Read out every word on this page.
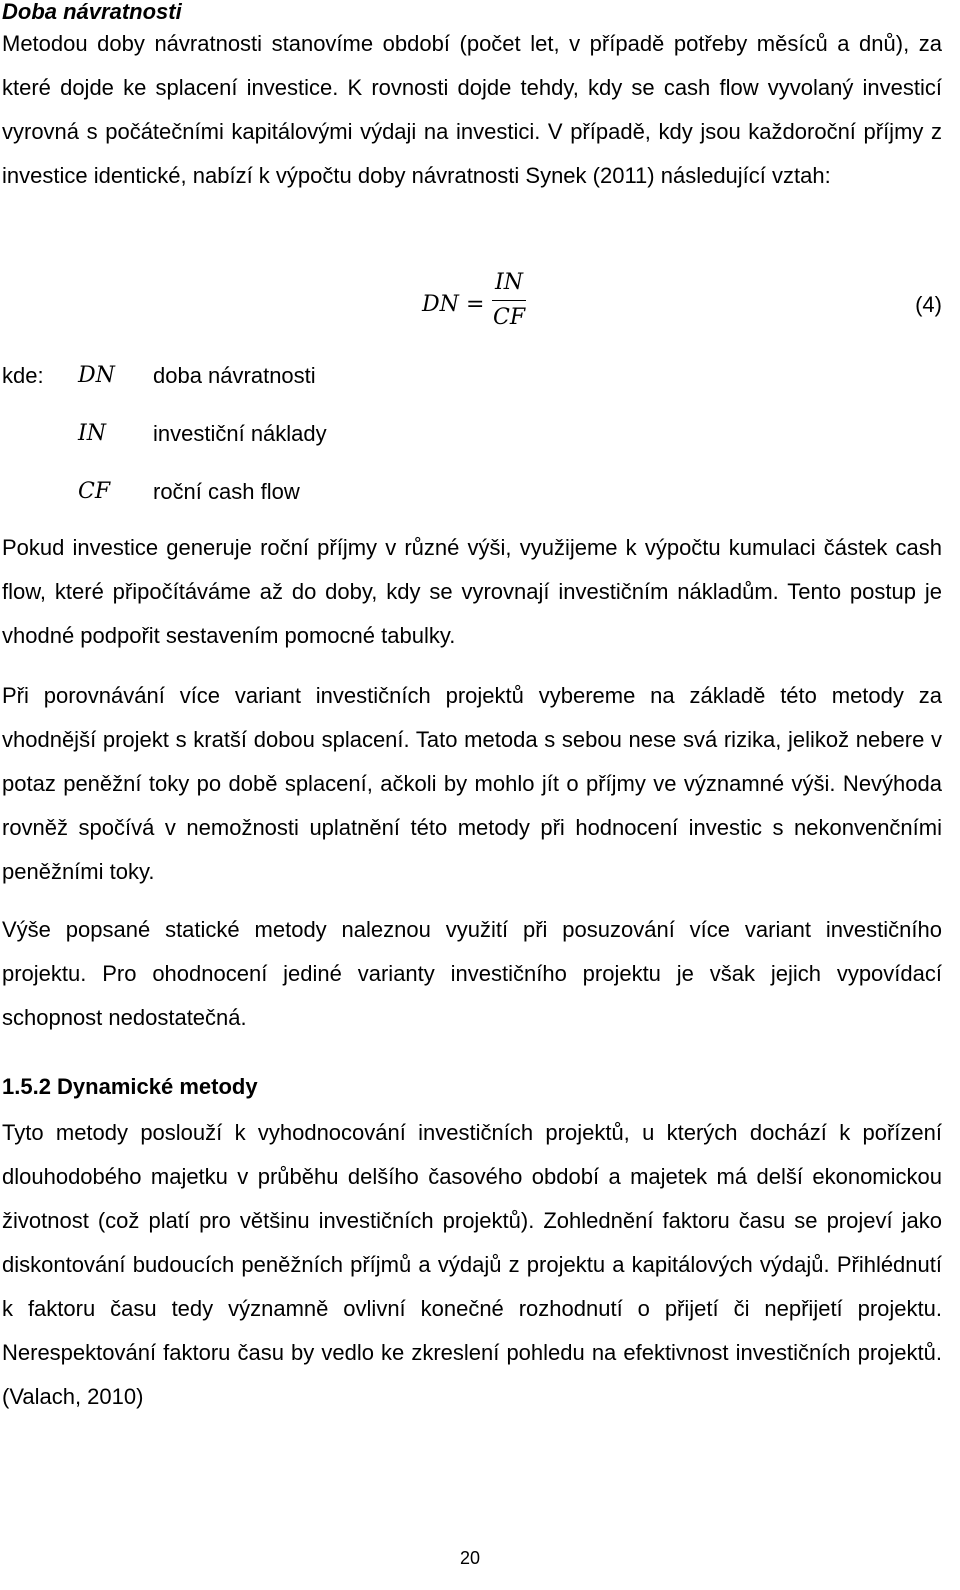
Doba návratnosti
Metodou doby návratnosti stanovíme období (počet let, v případě potřeby měsíců a dnů), za které dojde ke splacení investice. K rovnosti dojde tehdy, kdy se cash flow vyvolaný investicí vyrovná s počátečními kapitálovými výdaji na investici. V případě, kdy jsou každoroční příjmy z investice identické, nabízí k výpočtu doby návratnosti Synek (2011) následující vztah:
DN =
IN
CF
(4)
kde: DN doba návratnosti
IN investiční náklady
CF roční cash flow
Pokud investice generuje roční příjmy v různé výši, využijeme k výpočtu kumulaci částek cash flow, které připočítáváme až do doby, kdy se vyrovnají investičním nákladům. Tento postup je vhodné podpořit sestavením pomocné tabulky.
Při porovnávání více variant investičních projektů vybereme na základě této metody za vhodnější projekt s kratší dobou splacení. Tato metoda s sebou nese svá rizika, jelikož nebere v potaz peněžní toky po době splacení, ačkoli by mohlo jít o příjmy ve významné výši. Nevýhoda rovněž spočívá v nemožnosti uplatnění této metody při hodnocení investic s nekonvenčními peněžními toky.
Výše popsané statické metody naleznou využití při posuzování více variant investičního projektu. Pro ohodnocení jediné varianty investičního projektu je však jejich vypovídací schopnost nedostatečná.
1.5.2 Dynamické metody
Tyto metody poslouží k vyhodnocování investičních projektů, u kterých dochází k pořízení dlouhodobého majetku v průběhu delšího časového období a majetek má delší ekonomickou životnost (což platí pro většinu investičních projektů). Zohlednění faktoru času se projeví jako diskontování budoucích peněžních příjmů a výdajů z projektu a kapitálových výdajů. Přihlédnutí k faktoru času tedy významně ovlivní konečné rozhodnutí o přijetí či nepřijetí projektu. Nerespektování faktoru času by vedlo ke zkreslení pohledu na efektivnost investičních projektů. (Valach, 2010)
20
